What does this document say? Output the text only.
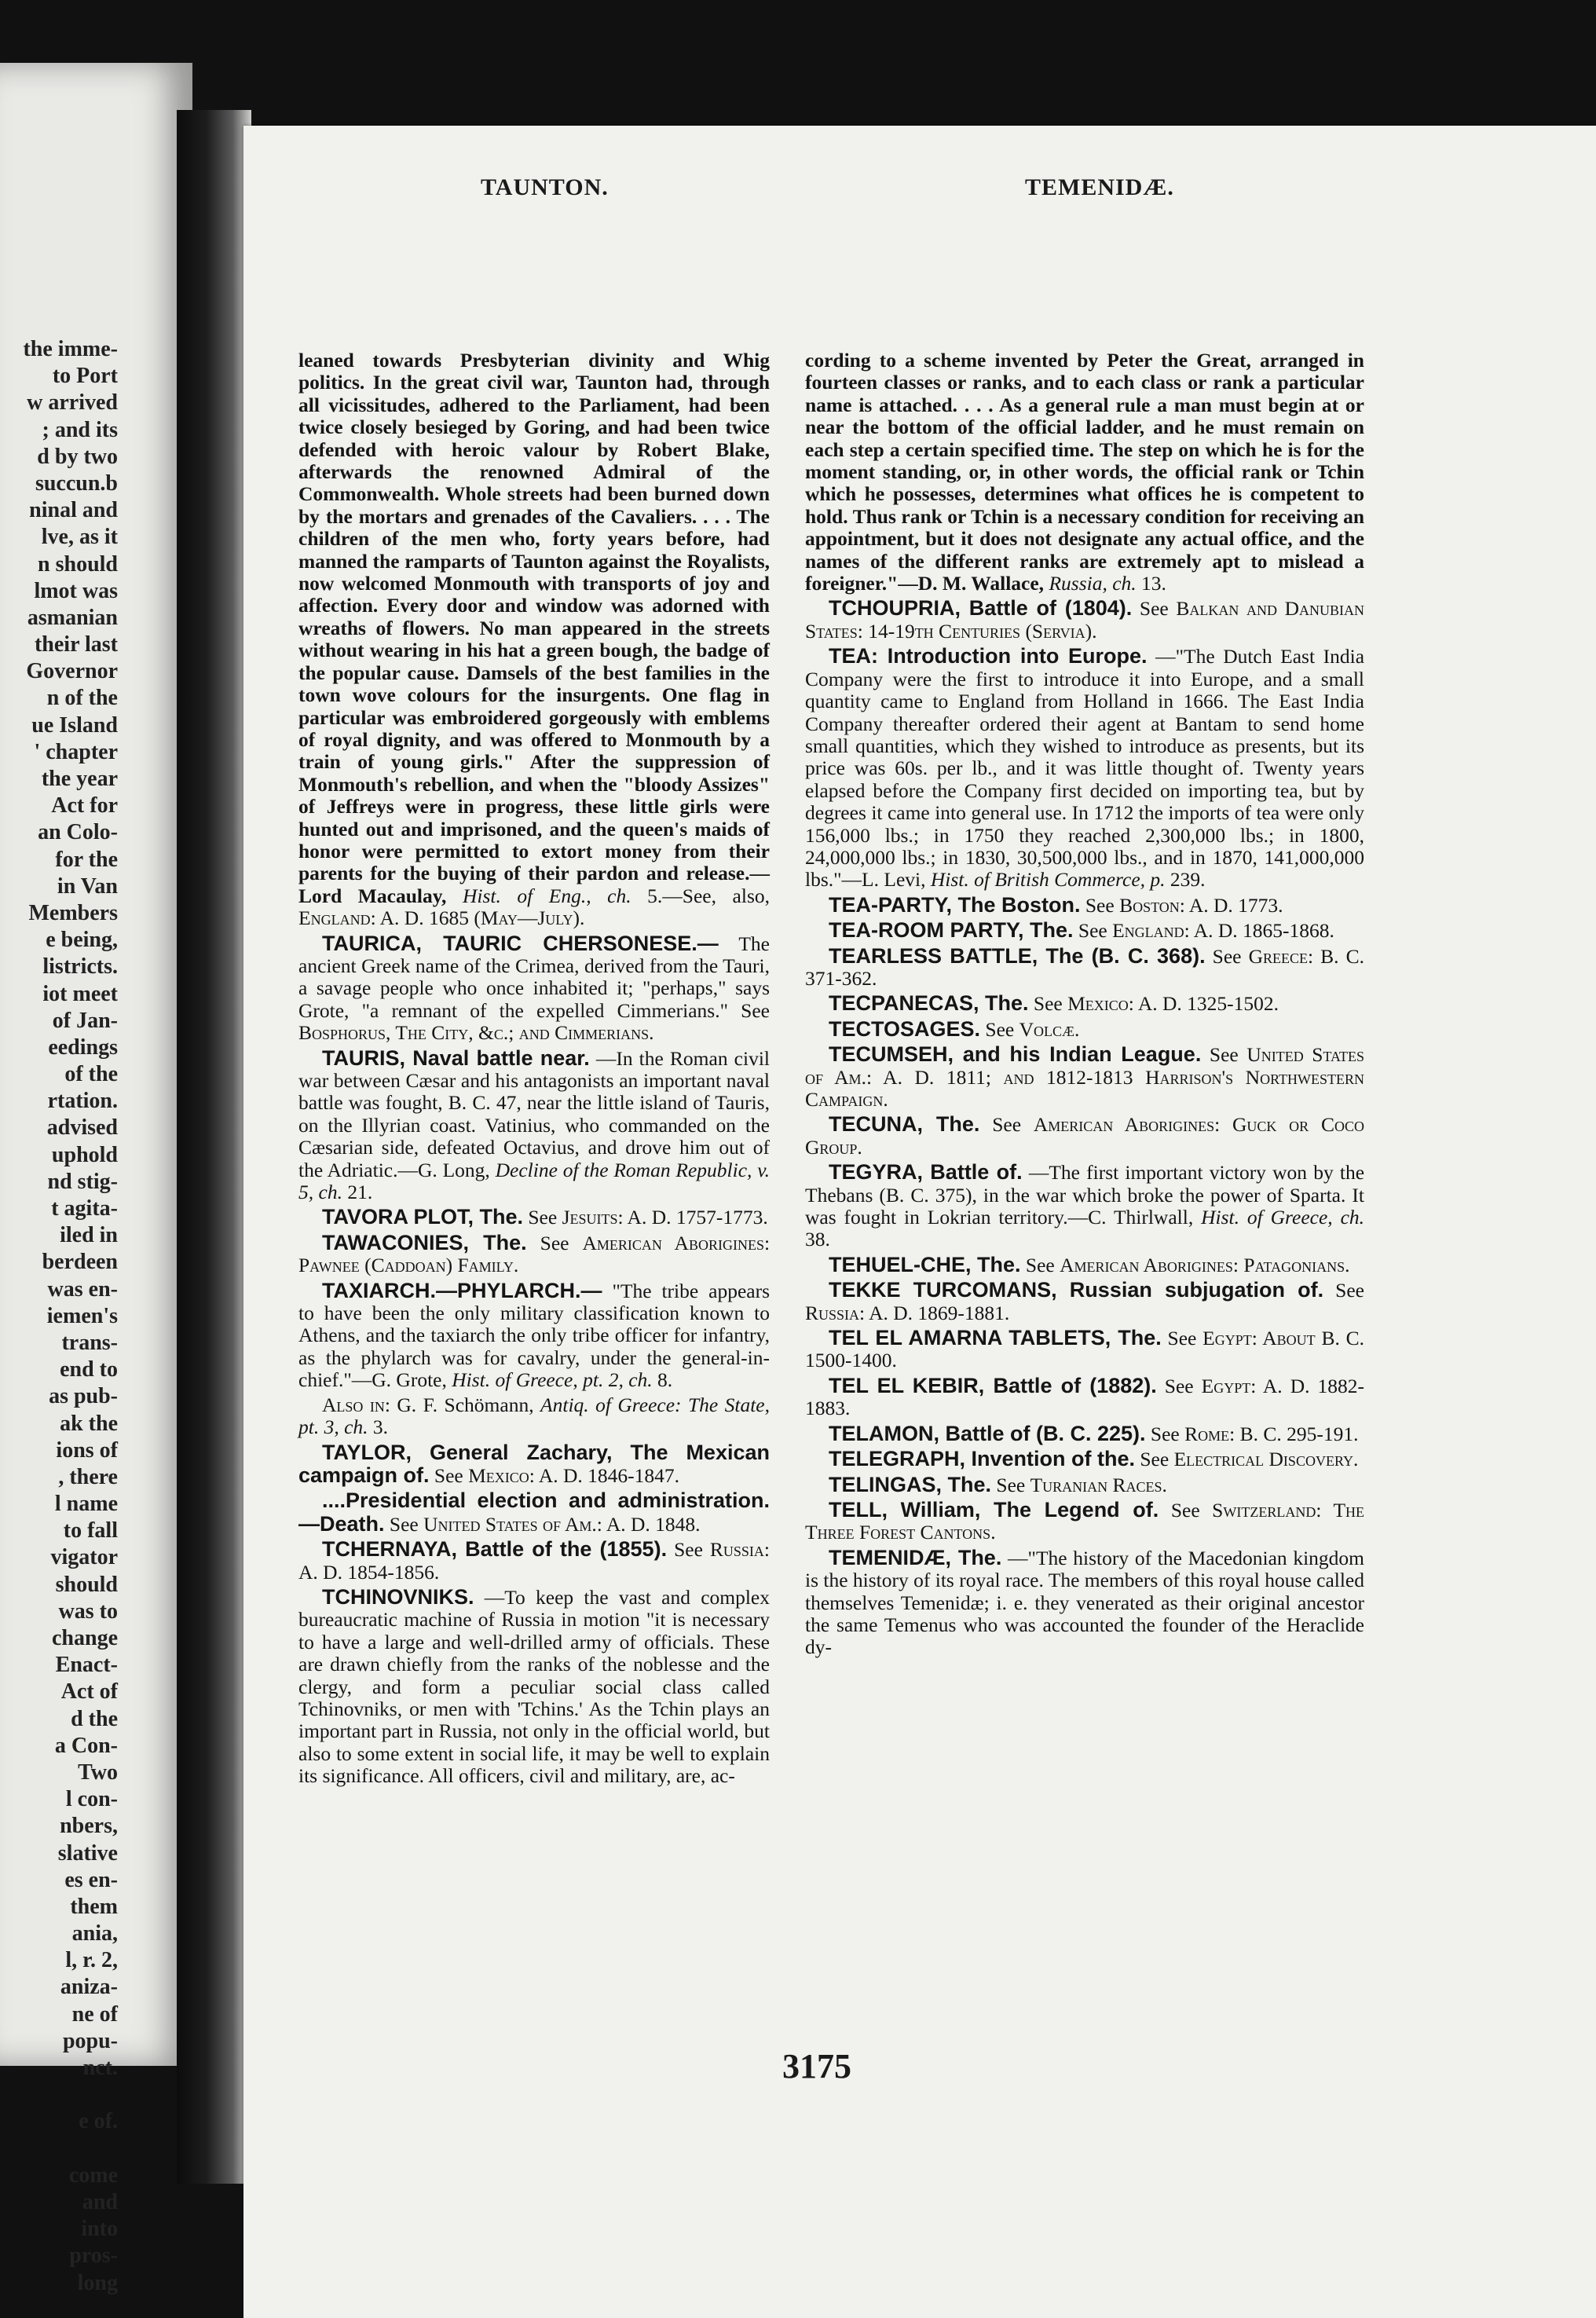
the imme-
to Port
w arrived
; and its
d by two
succun.b
ninal and
lve, as it
n should
lmot was
asmanian
their last
Governor
n of the
ue Island
' chapter
the year
Act for
an Colo-
for the
in Van
Members
e being,
listricts.
iot meet
of Jan-
eedings
of the
rtation.
advised
uphold
nd stig-
t agita-
iled in
berdeen
was en-
iemen's
trans-
end to
as pub-
ak the
ions of
, there
l name
to fall
vigator
should
was to
change
Enact-
Act of
d the
a Con-
Two
l con-
nbers,
slative
es en-
them
ania,
l, r. 2,
aniza-
ne of
popu-
nct.
e of.
come
and
into
pros-
long
TAUNTON.	TEMENIDÆ.

leaned towards Presbyterian divinity and Whig politics. In the great civil war, Taunton had, through all vicissitudes, adhered to the Parliament, had been twice closely besieged by Goring, and had been twice defended with heroic valour by Robert Blake, afterwards the renowned Admiral of the Commonwealth. Whole streets had been burned down by the mortars and grenades of the Cavaliers. . . . The children of the men who, forty years before, had manned the ramparts of Taunton against the Royalists, now welcomed Monmouth with transports of joy and affection. Every door and window was adorned with wreaths of flowers. No man appeared in the streets without wearing in his hat a green bough, the badge of the popular cause. Damsels of the best families in the town wove colours for the insurgents. One flag in particular was embroidered gorgeously with emblems of royal dignity, and was offered to Monmouth by a train of young girls." After the suppression of Monmouth's rebellion, and when the "bloody Assizes" of Jeffreys were in progress, these little girls were hunted out and imprisoned, and the queen's maids of honor were permitted to extort money from their parents for the buying of their pardon and release.—Lord Macaulay, Hist. of Eng., ch. 5.—See, also, England: A. D. 1685 (May—July).

TAURICA, TAURIC CHERSONESE.— The ancient Greek name of the Crimea, derived from the Tauri, a savage people who once inhabited it; "perhaps," says Grote, "a remnant of the expelled Cimmerians." See Bosphorus, The City, &c.; and Cimmerians.

TAURIS, Naval battle near. —In the Roman civil war between Cæsar and his antagonists an important naval battle was fought, B. C. 47, near the little island of Tauris, on the Illyrian coast. Vatinius, who commanded on the Cæsarian side, defeated Octavius, and drove him out of the Adriatic.—G. Long, Decline of the Roman Republic, v. 5, ch. 21.

TAVORA PLOT, The. See Jesuits: A. D. 1757-1773.

TAWACONIES, The. See American Aborigines: Pawnee (Caddoan) Family.

TAXIARCH.—PHYLARCH.— "The tribe appears to have been the only military classification known to Athens, and the taxiarch the only tribe officer for infantry, as the phylarch was for cavalry, under the general-in-chief."—G. Grote, Hist. of Greece, pt. 2, ch. 8.

Also in: G. F. Schömann, Antiq. of Greece: The State, pt. 3, ch. 3.

TAYLOR, General Zachary, The Mexican campaign of. See Mexico: A. D. 1846-1847.

....Presidential election and administration.—Death. See United States of Am.: A. D. 1848.

TCHERNAYA, Battle of the (1855). See Russia: A. D. 1854-1856.

TCHINOVNIKS. —To keep the vast and complex bureaucratic machine of Russia in motion "it is necessary to have a large and well-drilled army of officials. These are drawn chiefly from the ranks of the noblesse and the clergy, and form a peculiar social class called Tchinovniks, or men with 'Tchins.' As the Tchin plays an important part in Russia, not only in the official world, but also to some extent in social life, it may be well to explain its significance. All officers, civil and military, are, ac-

cording to a scheme invented by Peter the Great, arranged in fourteen classes or ranks, and to each class or rank a particular name is attached. . . . As a general rule a man must begin at or near the bottom of the official ladder, and he must remain on each step a certain specified time. The step on which he is for the moment standing, or, in other words, the official rank or Tchin which he possesses, determines what offices he is competent to hold. Thus rank or Tchin is a necessary condition for receiving an appointment, but it does not designate any actual office, and the names of the different ranks are extremely apt to mislead a foreigner."—D. M. Wallace, Russia, ch. 13.

TCHOUPRIA, Battle of (1804). See Balkan and Danubian States: 14-19th Centuries (Servia).

TEA: Introduction into Europe. —"The Dutch East India Company were the first to introduce it into Europe, and a small quantity came to England from Holland in 1666. The East India Company thereafter ordered their agent at Bantam to send home small quantities, which they wished to introduce as presents, but its price was 60s. per lb., and it was little thought of. Twenty years elapsed before the Company first decided on importing tea, but by degrees it came into general use. In 1712 the imports of tea were only 156,000 lbs.; in 1750 they reached 2,300,000 lbs.; in 1800, 24,000,000 lbs.; in 1830, 30,500,000 lbs., and in 1870, 141,000,000 lbs."—L. Levi, Hist. of British Commerce, p. 239.

TEA-PARTY, The Boston. See Boston: A. D. 1773.

TEA-ROOM PARTY, The. See England: A. D. 1865-1868.

TEARLESS BATTLE, The (B. C. 368). See Greece: B. C. 371-362.

TECPANECAS, The. See Mexico: A. D. 1325-1502.

TECTOSAGES. See Volcæ.

TECUMSEH, and his Indian League. See United States of Am.: A. D. 1811; and 1812-1813 Harrison's Northwestern Campaign.

TECUNA, The. See American Aborigines: Guck or Coco Group.

TEGYRA, Battle of. —The first important victory won by the Thebans (B. C. 375), in the war which broke the power of Sparta. It was fought in Lokrian territory.—C. Thirlwall, Hist. of Greece, ch. 38.

TEHUEL-CHE, The. See American Aborigines: Patagonians.

TEKKE TURCOMANS, Russian subjugation of. See Russia: A. D. 1869-1881.

TEL EL AMARNA TABLETS, The. See Egypt: About B. C. 1500-1400.

TEL EL KEBIR, Battle of (1882). See Egypt: A. D. 1882-1883.

TELAMON, Battle of (B. C. 225). See Rome: B. C. 295-191.

TELEGRAPH, Invention of the. See Electrical Discovery.

TELINGAS, The. See Turanian Races.

TELL, William, The Legend of. See Switzerland: The Three Forest Cantons.

TEMENIDÆ, The. —"The history of the Macedonian kingdom is the history of its royal race. The members of this royal house called themselves Temenidæ; i. e. they venerated as their original ancestor the same Temenus who was accounted the founder of the Heraclide dy-

3175
